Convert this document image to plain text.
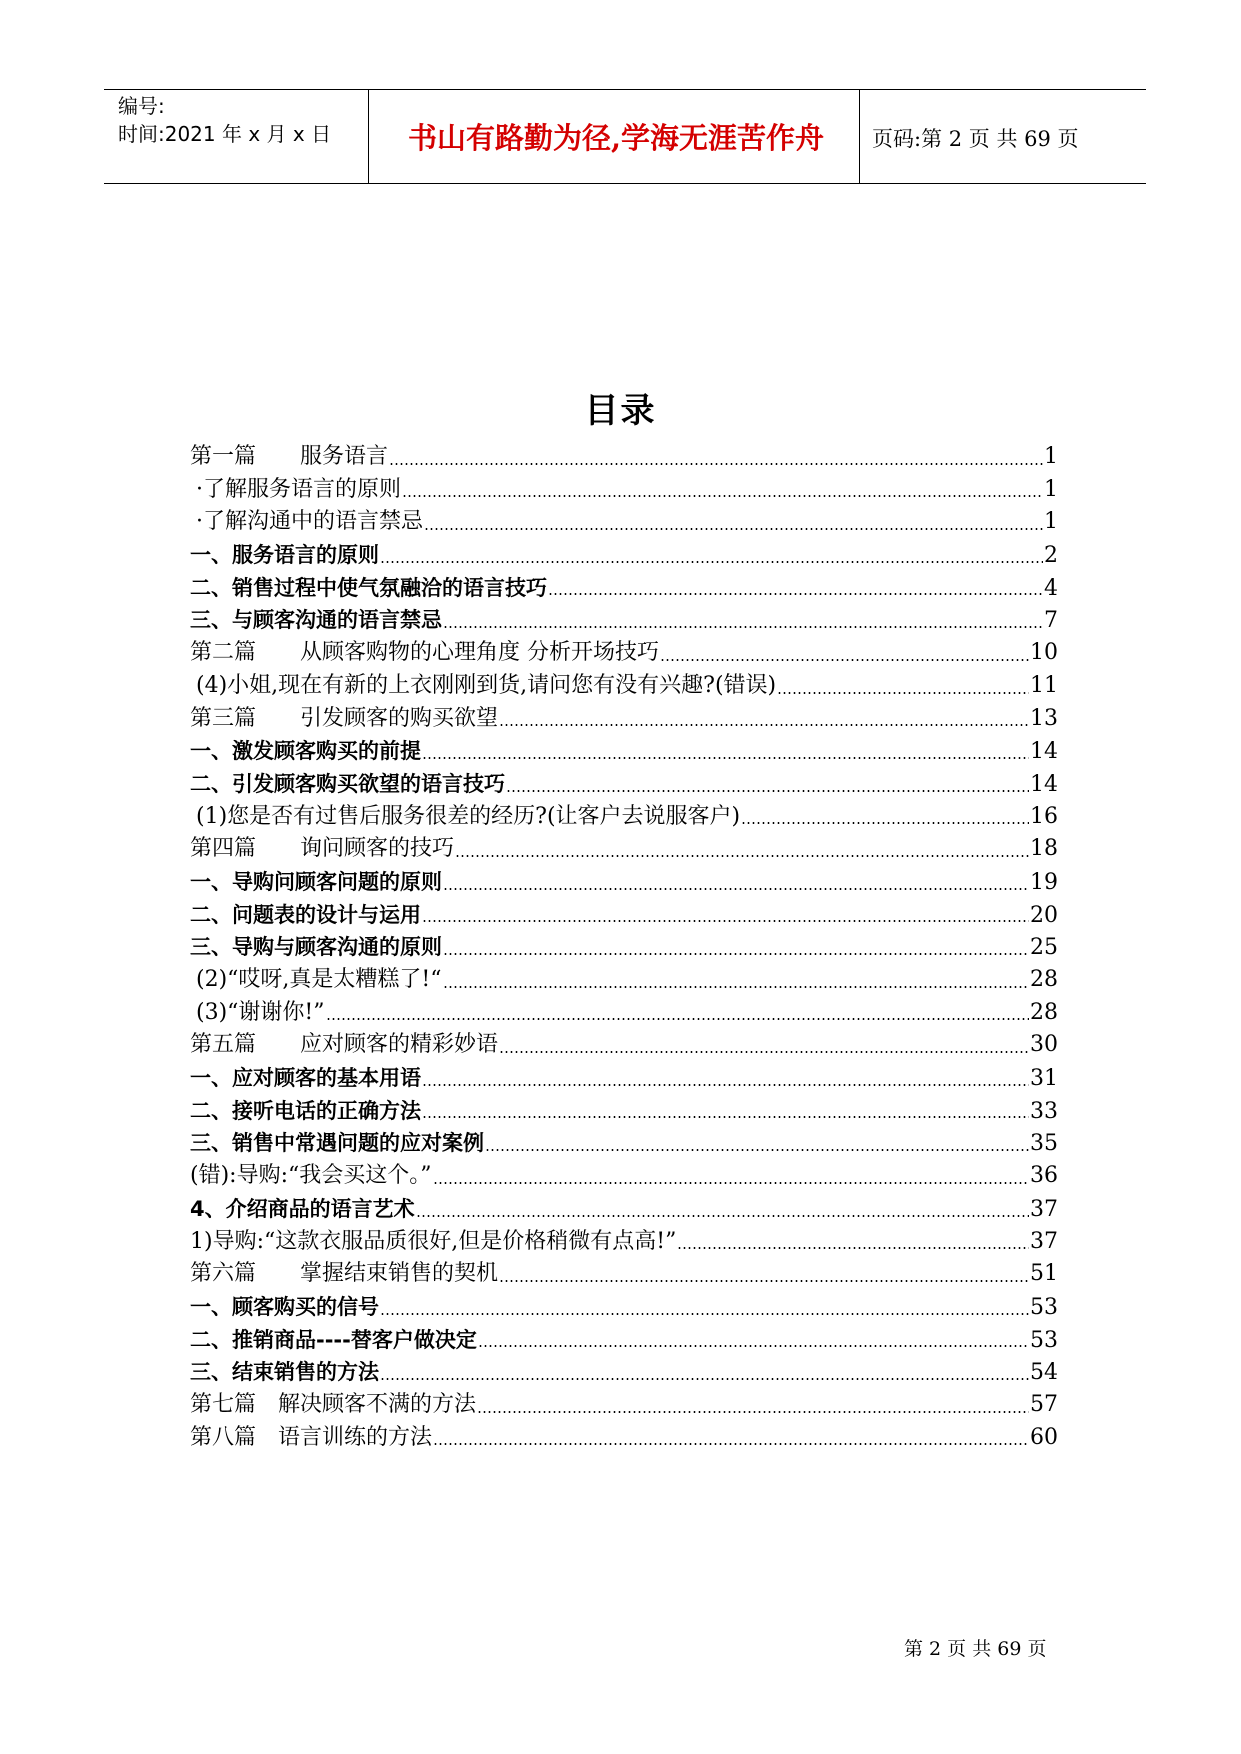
编号:
时间:2021 年 x 月 x 日	书山有路勤为径,学海无涯苦作舟	页码:第 2 页 共 69 页
目录
第一篇　　服务语言	1
·了解服务语言的原则	1
·了解沟通中的语言禁忌	1
一、服务语言的原则	2
二、销售过程中使气氛融洽的语言技巧	4
三、与顾客沟通的语言禁忌	7
第二篇　　从顾客购物的心理角度 分析开场技巧	10
(4)小姐,现在有新的上衣刚刚到货,请问您有没有兴趣?(错误)	11
第三篇　　引发顾客的购买欲望	13
一、激发顾客购买的前提	14
二、引发顾客购买欲望的语言技巧	14
(1)您是否有过售后服务很差的经历?(让客户去说服客户)	16
第四篇　　询问顾客的技巧	18
一、导购问顾客问题的原则	19
二、问题表的设计与运用	20
三、导购与顾客沟通的原则	25
(2)“哎呀,真是太糟糕了!“	28
(3)“谢谢你!”	28
第五篇　　应对顾客的精彩妙语	30
一、应对顾客的基本用语	31
二、接听电话的正确方法	33
三、销售中常遇问题的应对案例	35
(错):导购:“我会买这个。”	36
4、介绍商品的语言艺术	37
1)导购:“这款衣服品质很好,但是价格稍微有点高!”	37
第六篇　　掌握结束销售的契机	51
一、顾客购买的信号	53
二、推销商品----替客户做决定	53
三、结束销售的方法	54
第七篇　解决顾客不满的方法	57
第八篇　语言训练的方法	60
第 2 页 共 69 页
